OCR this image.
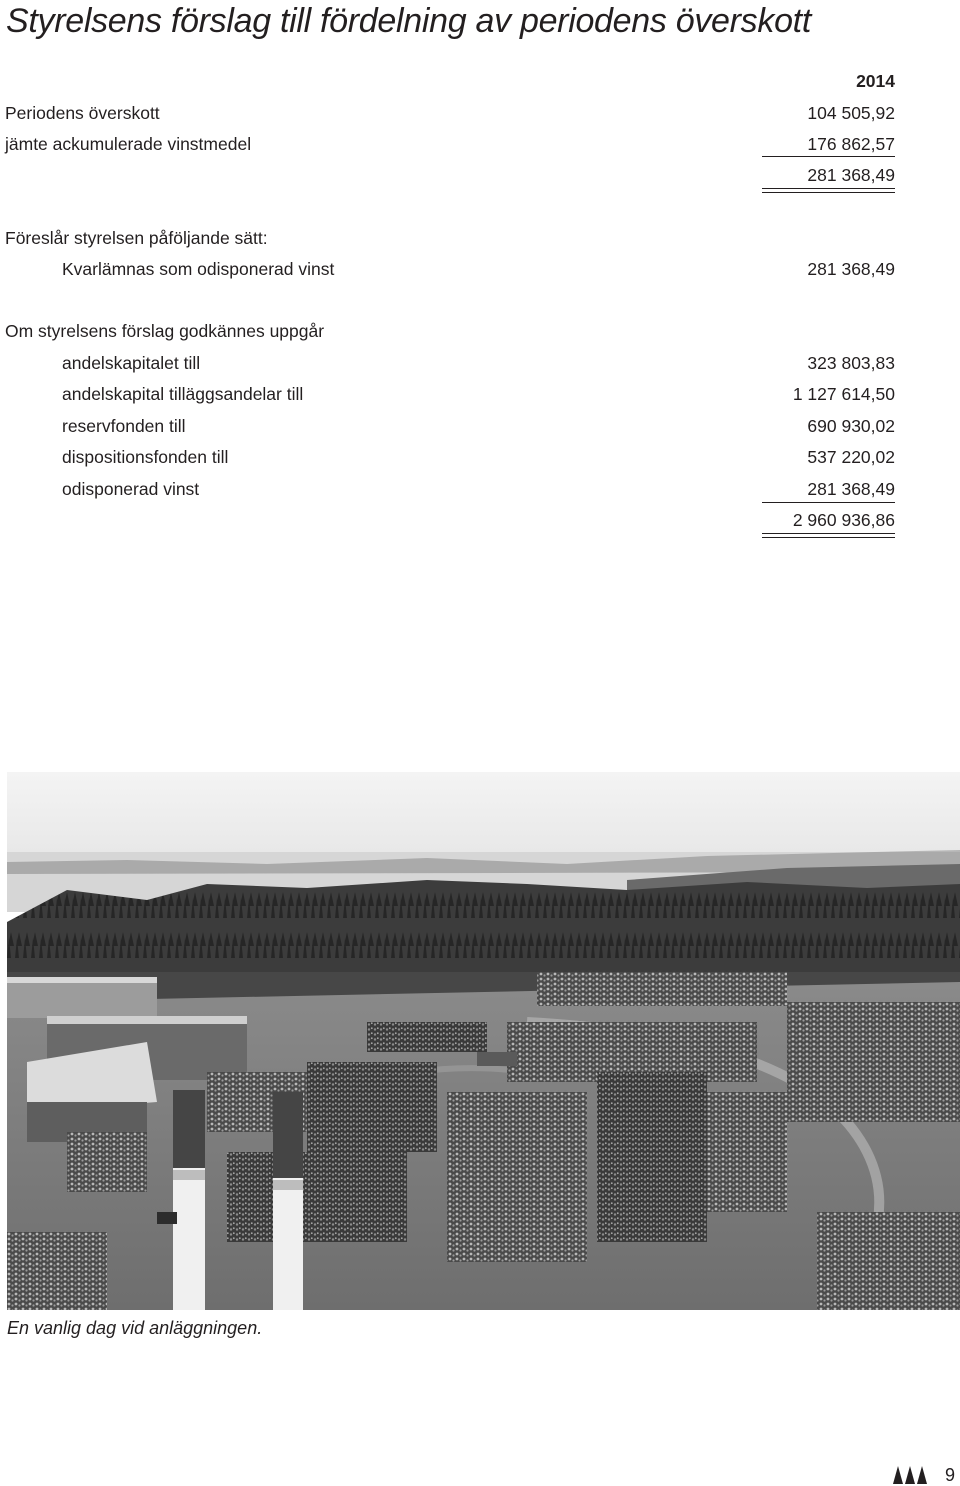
Styrelsens förslag till fördelning av periodens överskott
2014
Periodens överskott	104 505,92
jämte ackumulerade vinstmedel	176 862,57
281 368,49
Föreslår styrelsen påföljande sätt:
Kvarlämnas som odisponerad vinst	281 368,49
Om styrelsens förslag godkännes uppgår
andelskapitalet till	323 803,83
andelskapital tilläggsandelar till	1 127 614,50
reservfonden till	690 930,02
dispositionsfonden till	537 220,02
odisponerad vinst	281 368,49
2 960 936,86

En vanlig dag vid anläggningen.

9
